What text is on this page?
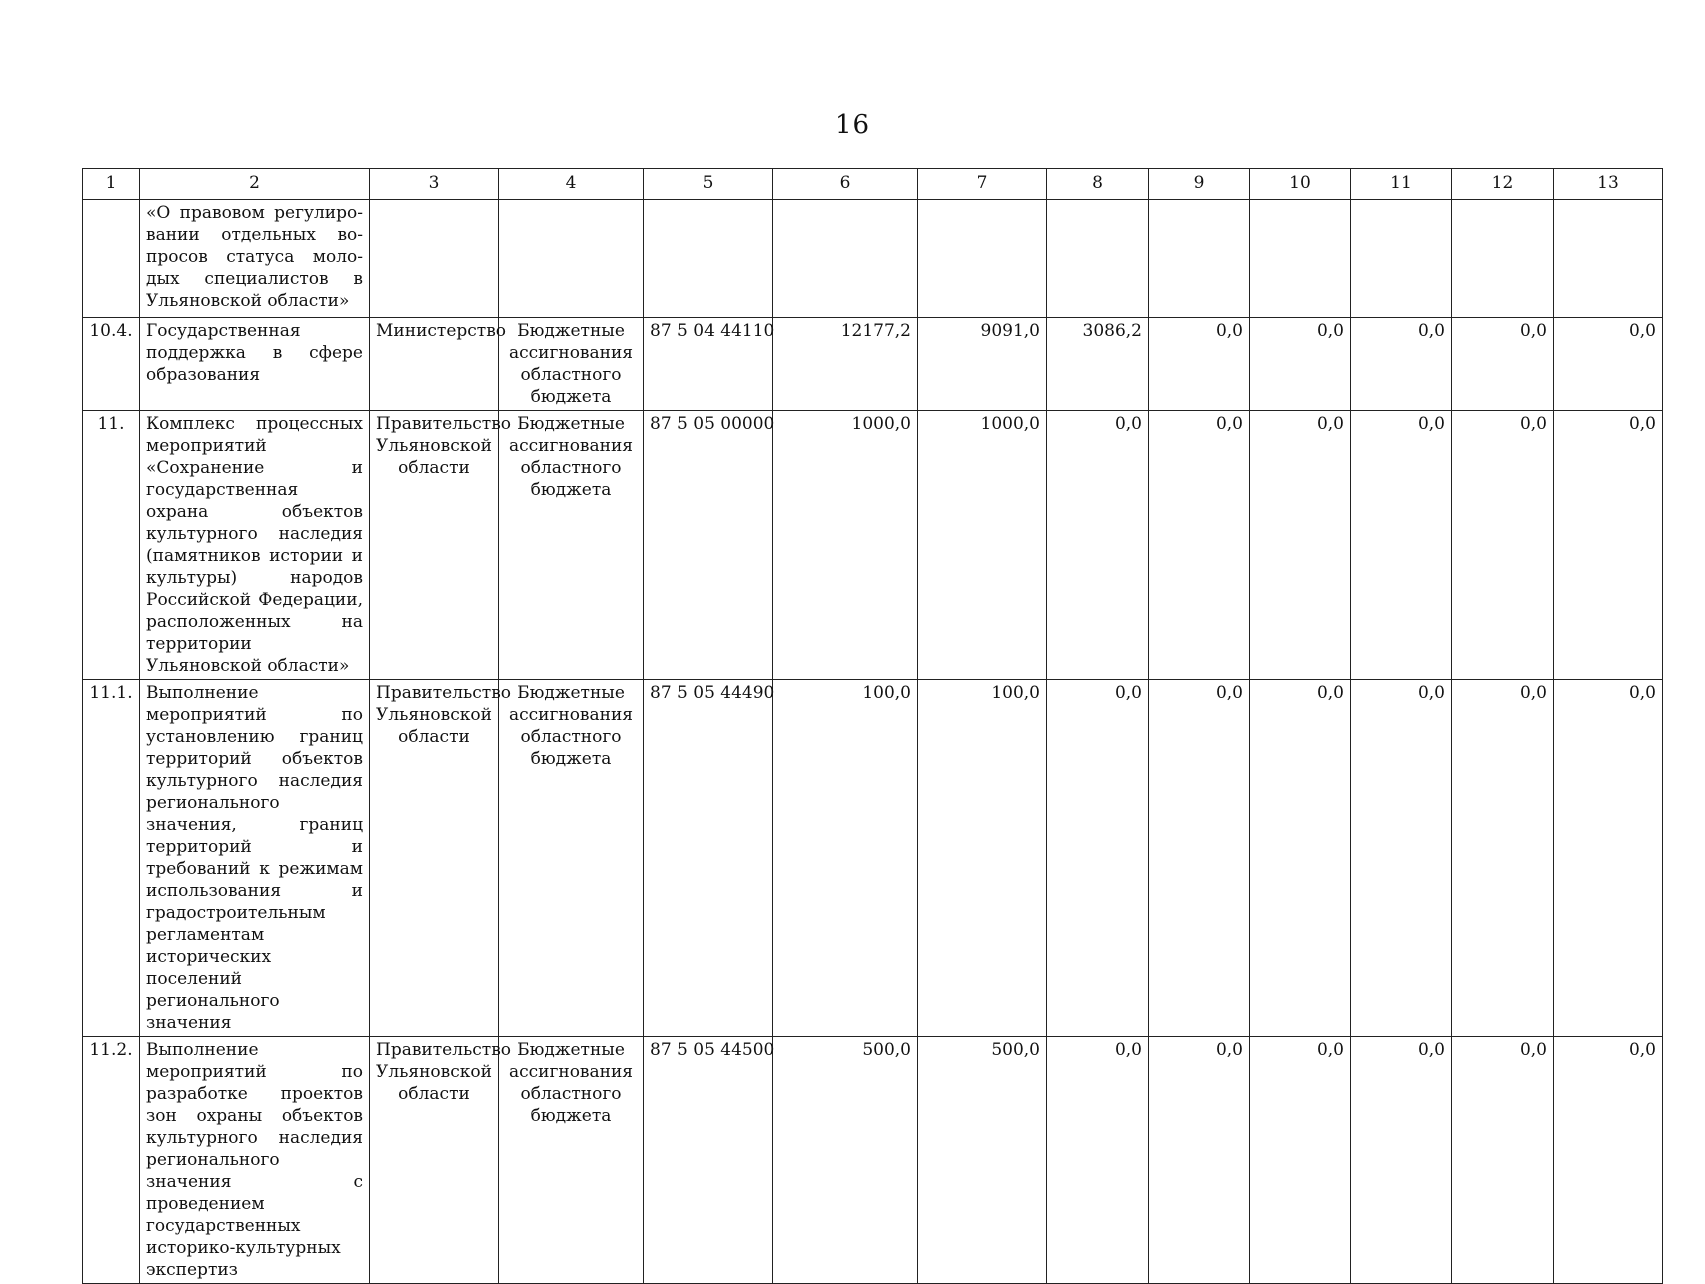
16
1	2	3	4	5	6	7	8	9	10	11	12	13
	«О правовом регулировании отдельных вопросов статуса молодых специалистов в Ульяновской области»											
10.4.	Государственная поддержка в сфере образования	Министерство	Бюджетные ассигнования областного бюджета	87 5 04 44110	12177,2	9091,0	3086,2	0,0	0,0	0,0	0,0	0,0
11.	Комплекс процессных мероприятий «Сохранение и государственная охрана объектов культурного наследия (памятников истории и культуры) народов Российской Федерации, расположенных на территории Ульяновской области»	Правительство Ульяновской области	Бюджетные ассигнования областного бюджета	87 5 05 00000	1000,0	1000,0	0,0	0,0	0,0	0,0	0,0	0,0
11.1.	Выполнение мероприятий по установлению границ территорий объектов культурного наследия регионального значения, границ территорий и требований к режимам использования и градостроительным регламентам исторических поселений регионального значения	Правительство Ульяновской области	Бюджетные ассигнования областного бюджета	87 5 05 44490	100,0	100,0	0,0	0,0	0,0	0,0	0,0	0,0
11.2.	Выполнение мероприятий по разработке проектов зон охраны объектов культурного наследия регионального значения с проведением государственных историко-культурных экспертиз	Правительство Ульяновской области	Бюджетные ассигнования областного бюджета	87 5 05 44500	500,0	500,0	0,0	0,0	0,0	0,0	0,0	0,0
